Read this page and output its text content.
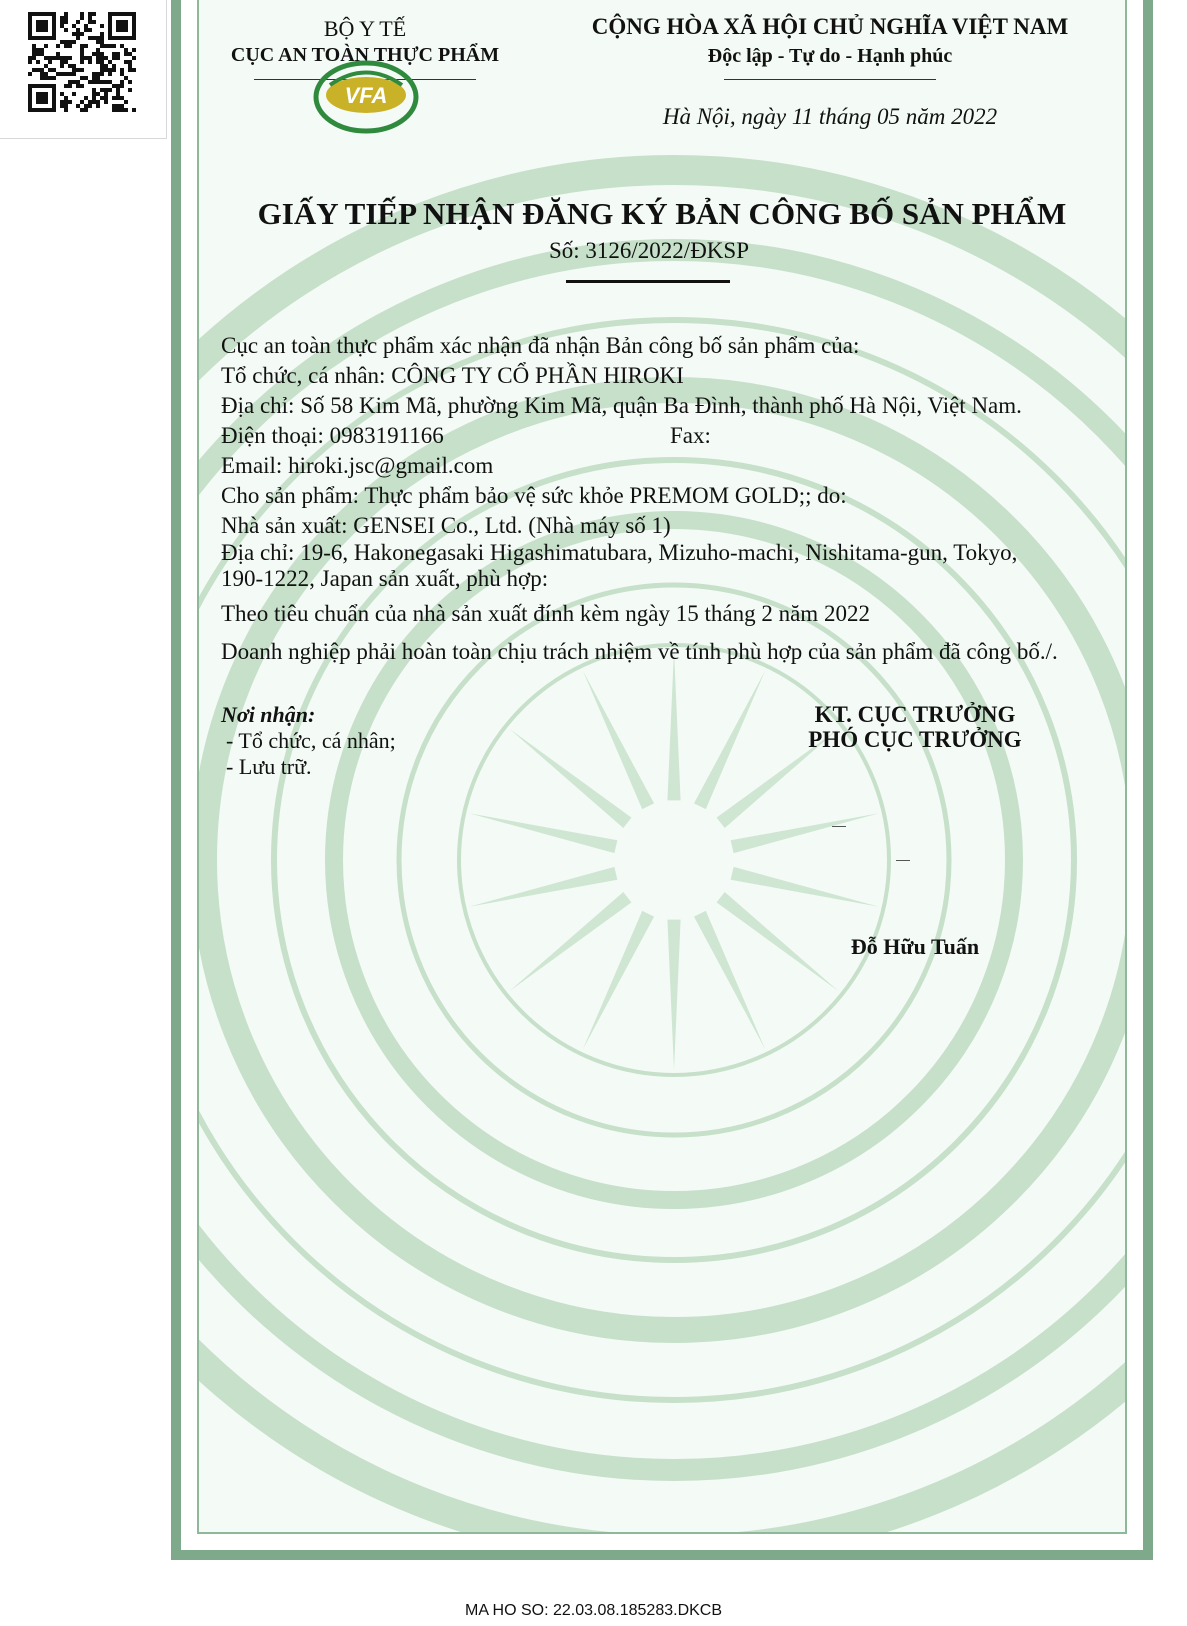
BỘ Y TẾ
CỤC AN TOÀN THỰC PHẨM
VFA
CỘNG HÒA XÃ HỘI CHỦ NGHĨA VIỆT NAM
Độc lập - Tự do - Hạnh phúc
Hà Nội, ngày 11 tháng 05 năm 2022
GIẤY TIẾP NHẬN ĐĂNG KÝ BẢN CÔNG BỐ SẢN PHẨM
Số: 3126/2022/ĐKSP
Cục an toàn thực phẩm xác nhận đã nhận Bản công bố sản phẩm của:
Tổ chức, cá nhân: CÔNG TY CỔ PHẦN HIROKI
Địa chỉ: Số 58 Kim Mã, phường Kim Mã, quận Ba Đình, thành phố Hà Nội, Việt Nam.
Điện thoại: 0983191166	Fax:
Email: hiroki.jsc@gmail.com
Cho sản phẩm: Thực phẩm bảo vệ sức khỏe PREMOM GOLD;; do:
Nhà sản xuất: GENSEI Co., Ltd. (Nhà máy số 1)
Địa chỉ: 19-6, Hakonegasaki Higashimatubara, Mizuho-machi, Nishitama-gun, Tokyo,
190-1222, Japan sản xuất, phù hợp:
Theo tiêu chuẩn của nhà sản xuất đính kèm ngày 15 tháng 2 năm 2022
Doanh nghiệp phải hoàn toàn chịu trách nhiệm về tính phù hợp của sản phẩm đã công bố./.
Nơi nhận:
- Tổ chức, cá nhân;
- Lưu trữ.
KT. CỤC TRƯỞNG
PHÓ CỤC TRƯỞNG
Đỗ Hữu Tuấn
MA HO SO: 22.03.08.185283.DKCB
